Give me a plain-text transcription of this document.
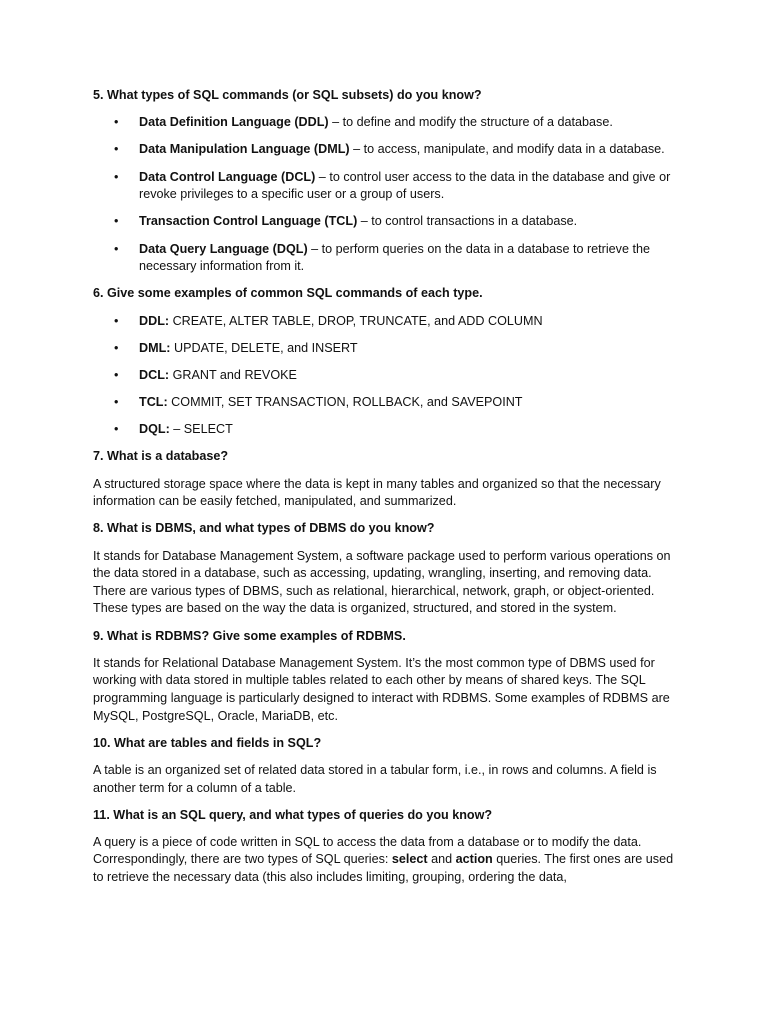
5. What types of SQL commands (or SQL subsets) do you know?
• Data Definition Language (DDL) – to define and modify the structure of a database.
• Data Manipulation Language (DML) – to access, manipulate, and modify data in a database.
• Data Control Language (DCL) – to control user access to the data in the database and give or revoke privileges to a specific user or a group of users.
• Transaction Control Language (TCL) – to control transactions in a database.
• Data Query Language (DQL) – to perform queries on the data in a database to retrieve the necessary information from it.
6. Give some examples of common SQL commands of each type.
• DDL: CREATE, ALTER TABLE, DROP, TRUNCATE, and ADD COLUMN
• DML: UPDATE, DELETE, and INSERT
• DCL: GRANT and REVOKE
• TCL: COMMIT, SET TRANSACTION, ROLLBACK, and SAVEPOINT
• DQL: – SELECT
7. What is a database?
A structured storage space where the data is kept in many tables and organized so that the necessary information can be easily fetched, manipulated, and summarized.
8. What is DBMS, and what types of DBMS do you know?
It stands for Database Management System, a software package used to perform various operations on the data stored in a database, such as accessing, updating, wrangling, inserting, and removing data. There are various types of DBMS, such as relational, hierarchical, network, graph, or object-oriented. These types are based on the way the data is organized, structured, and stored in the system.
9. What is RDBMS? Give some examples of RDBMS.
It stands for Relational Database Management System. It’s the most common type of DBMS used for working with data stored in multiple tables related to each other by means of shared keys. The SQL programming language is particularly designed to interact with RDBMS. Some examples of RDBMS are MySQL, PostgreSQL, Oracle, MariaDB, etc.
10. What are tables and fields in SQL?
A table is an organized set of related data stored in a tabular form, i.e., in rows and columns. A field is another term for a column of a table.
11. What is an SQL query, and what types of queries do you know?
A query is a piece of code written in SQL to access the data from a database or to modify the data. Correspondingly, there are two types of SQL queries: select and action queries. The first ones are used to retrieve the necessary data (this also includes limiting, grouping, ordering the data,
